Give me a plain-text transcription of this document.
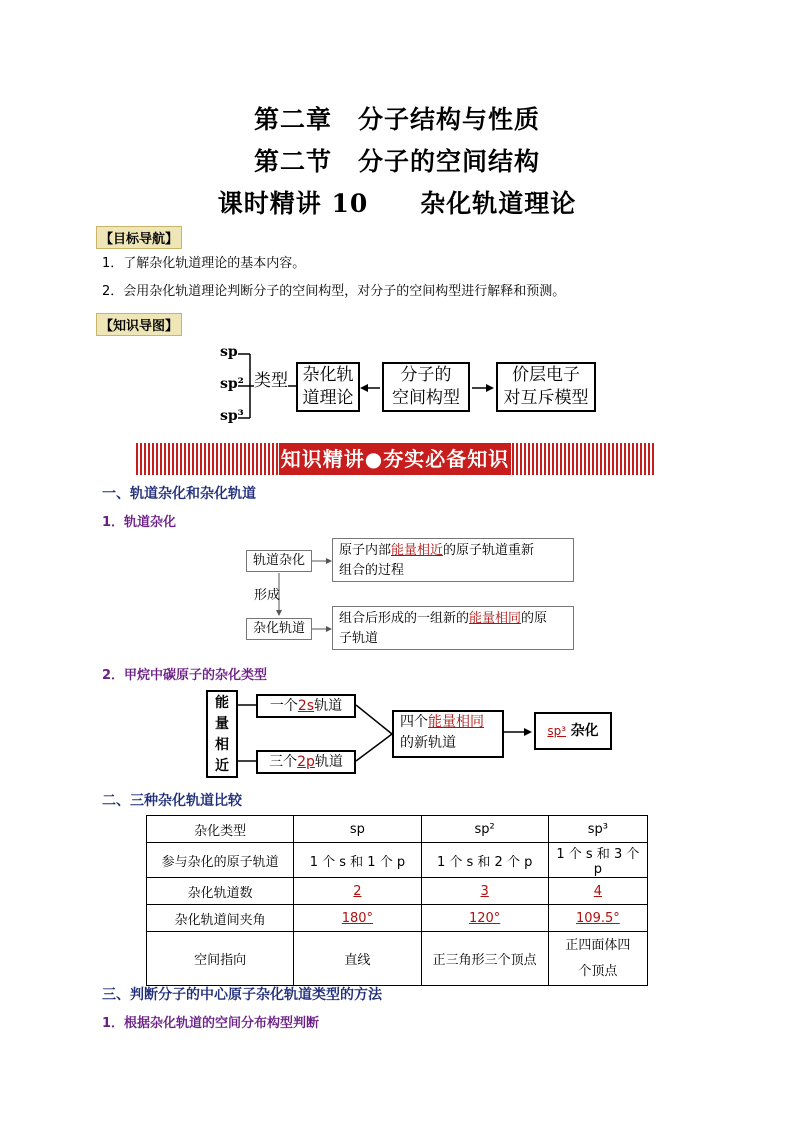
第二章　分子结构与性质
第二节　分子的空间结构
课时精讲 10　　杂化轨道理论
【目标导航】
1．了解杂化轨道理论的基本内容。
2．会用杂化轨道理论判断分子的空间构型，对分子的空间构型进行解释和预测。
【知识导图】
sp
sp²
sp³
类型 杂化轨
道理论
分子的
空间构型
价层电子
对互斥模型
知识精讲●夯实必备知识
一、轨道杂化和杂化轨道
1．轨道杂化
轨道杂化
原子内部能量相近的原子轨道重新
组合的过程
形成
杂化轨道
组合后形成的一组新的能量相同的原
子轨道
2．甲烷中碳原子的杂化类型
能
量
相
近
一个2s轨道
三个2p轨道
四个能量相同
的新轨道
sp³ 杂化
二、三种杂化轨道比较
杂化类型	sp	sp²	sp³
参与杂化的原子轨道	1 个 s 和 1 个 p	1 个 s 和 2 个 p	1 个 s 和 3 个 p
杂化轨道数	2	3	4
杂化轨道间夹角	180°	120°	109.5°
空间指向	直线	正三角形三个顶点	正四面体四
个顶点
三、判断分子的中心原子杂化轨道类型的方法
1．根据杂化轨道的空间分布构型判断
